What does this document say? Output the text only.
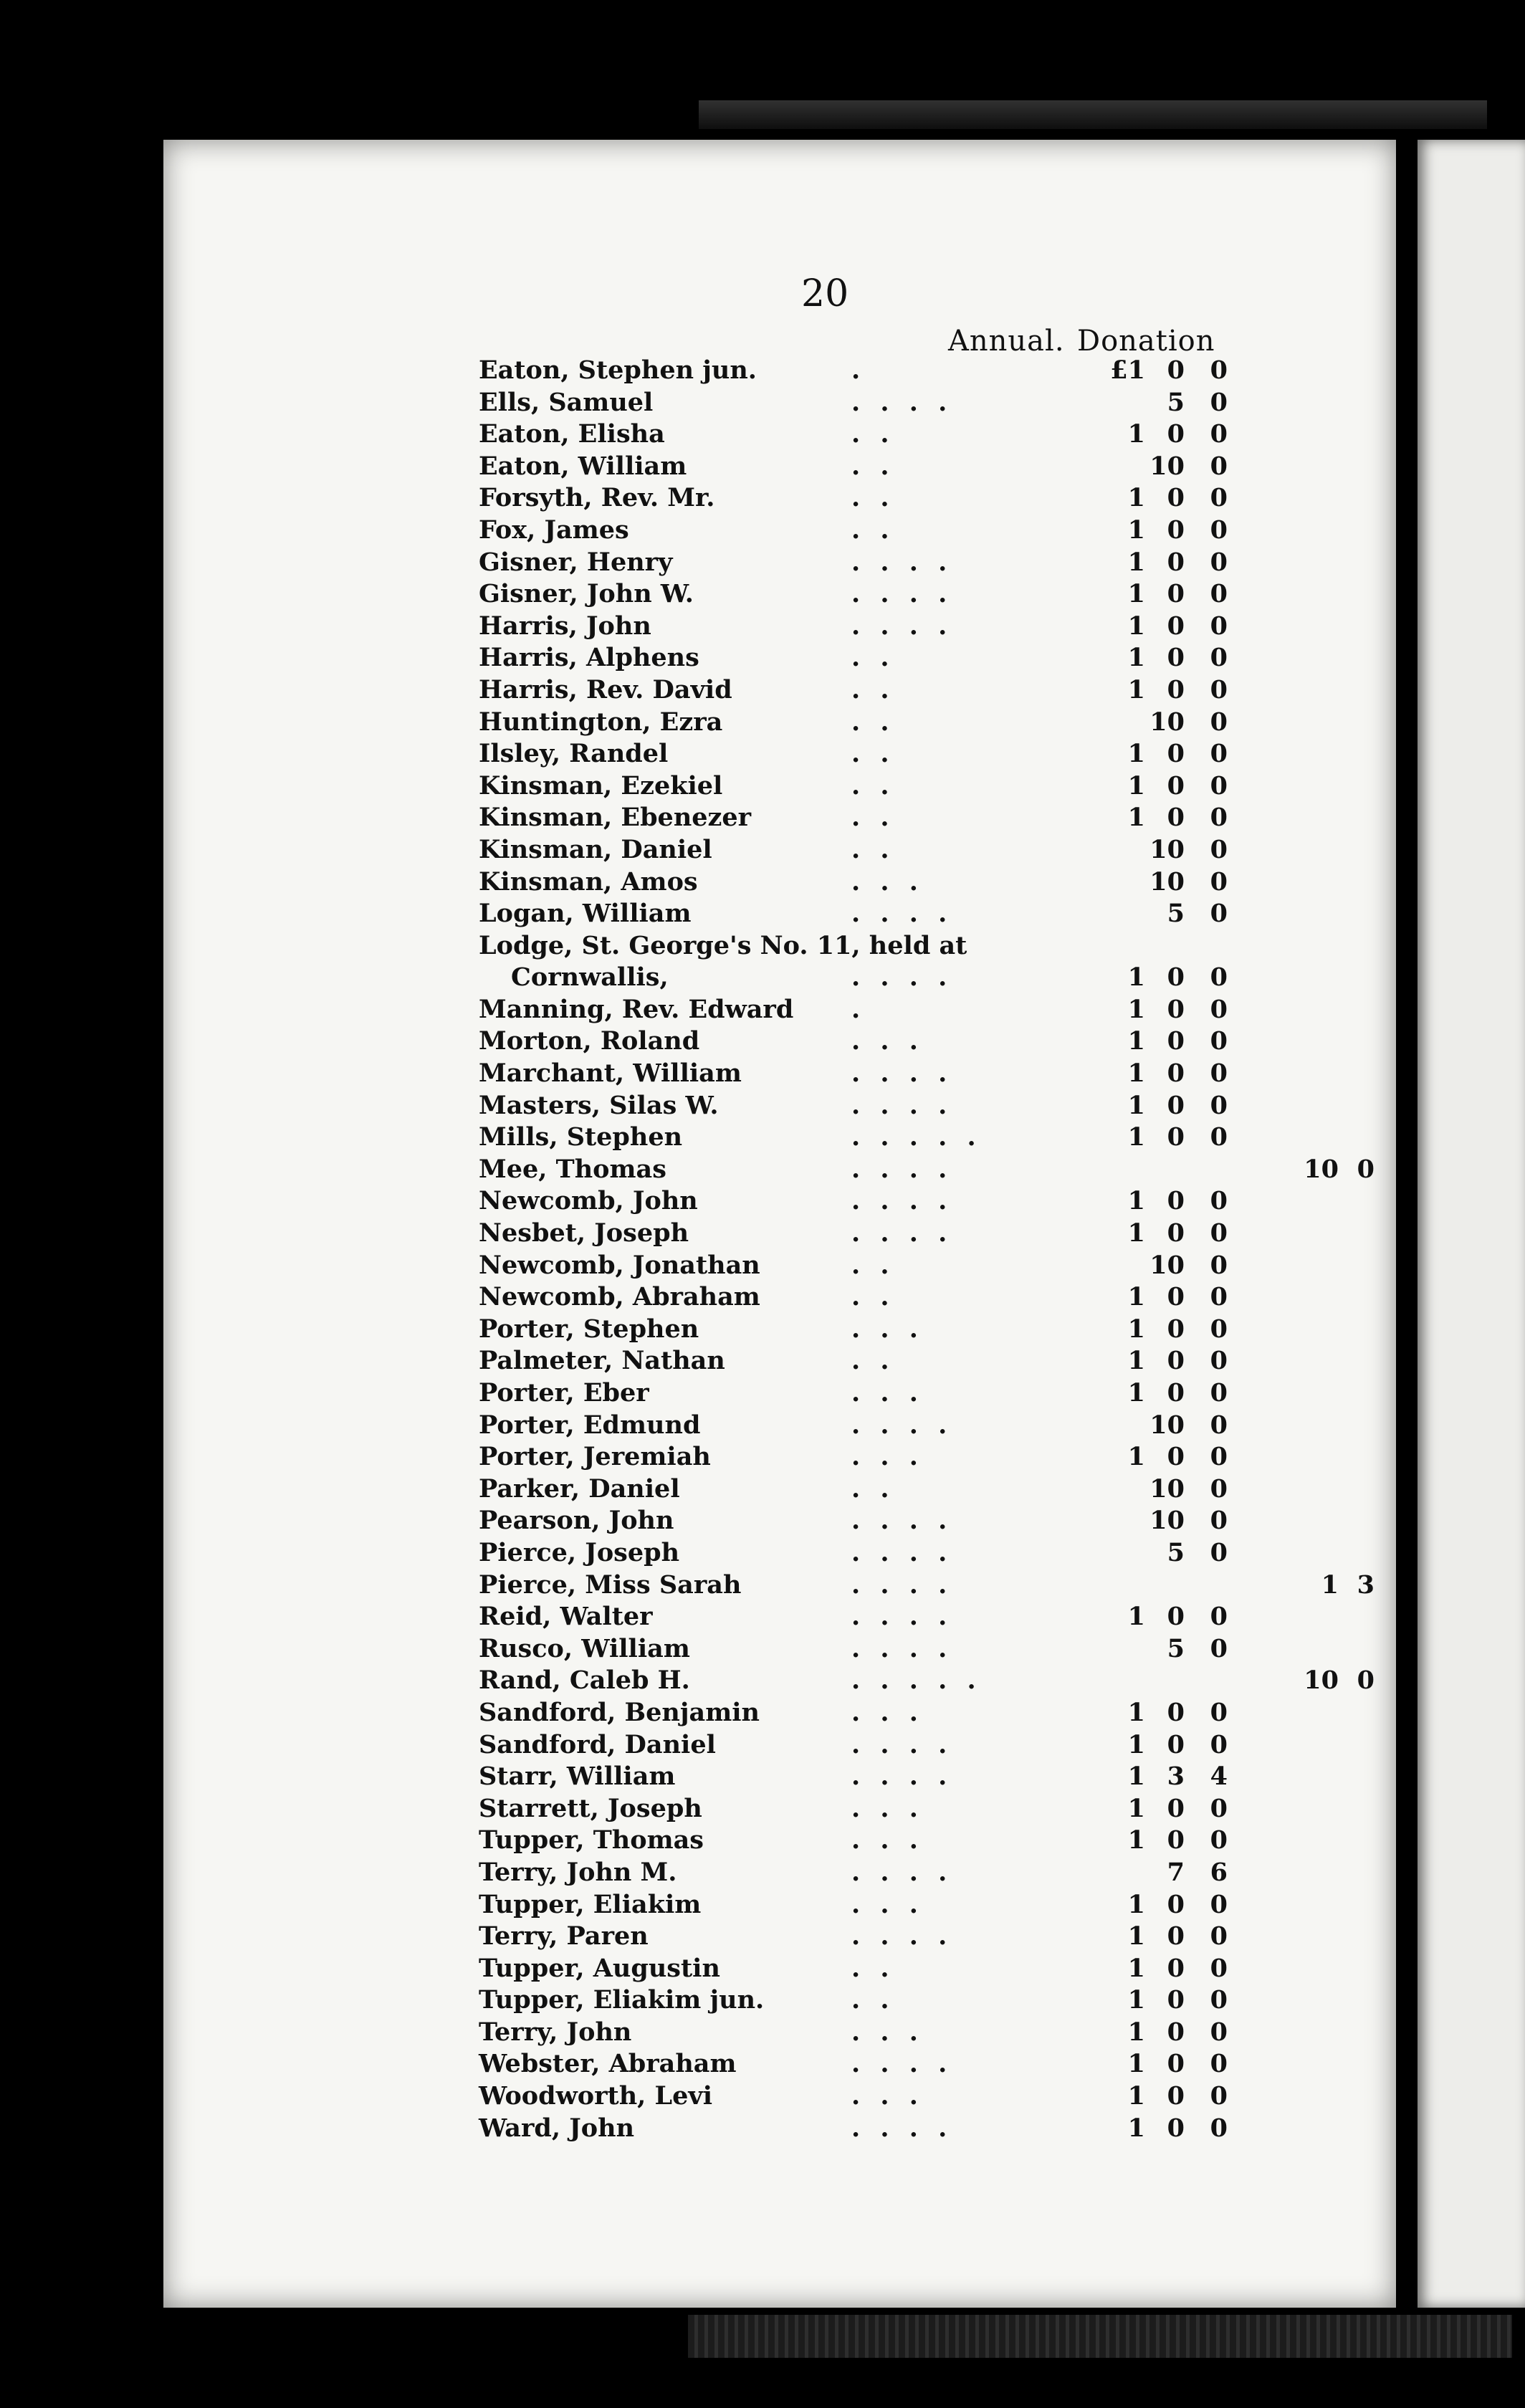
20
Annual. Donation
Eaton, Stephen jun.	.	£1 0	0
Ells, Samuel	. . . .	5	0
Eaton, Elisha	. .	1 0	0
Eaton, William	. .	10	0
Forsyth, Rev. Mr.	. .	1 0	0
Fox, James	. .	1 0	0
Gisner, Henry	. . . .	1 0	0
Gisner, John W.	. . . .	1 0	0
Harris, John	. . . .	1 0	0
Harris, Alphens	. .	1 0	0
Harris, Rev. David	. .	1 0	0
Huntington, Ezra	. .	10	0
Ilsley, Randel	. .	1 0	0
Kinsman, Ezekiel	. .	1 0	0
Kinsman, Ebenezer	. .	1 0	0
Kinsman, Daniel	. .	10	0
Kinsman, Amos	. . .	10	0
Logan, William	. . . .	5	0
Lodge, St. George's No. 11, held at
Cornwallis,	. . . .	1 0	0
Manning, Rev. Edward .	1 0	0
Morton, Roland	. . .	1 0	0
Marchant, William	. . . .	1 0	0
Masters, Silas W.	. . . .	1 0	0
Mills, Stephen	. . . . .	1 0	0
Mee, Thomas	. . . .	10 0
Newcomb, John	. . . .	1 0	0
Nesbet, Joseph	. . . .	1 0	0
Newcomb, Jonathan	. .	10	0
Newcomb, Abraham	. .	1 0	0
Porter, Stephen	. . .	1 0	0
Palmeter, Nathan	. .	1 0	0
Porter, Eber	. . .	1 0	0
Porter, Edmund	. . . .	10	0
Porter, Jeremiah	. . .	1 0	0
Parker, Daniel	. .	10	0
Pearson, John	. . . .	10	0
Pierce, Joseph	. . . .	5	0
Pierce, Miss Sarah	. . . .	1 3
Reid, Walter	. . . .	1 0	0
Rusco, William	. . . .	5	0
Rand, Caleb H.	. . . . .	10 0
Sandford, Benjamin	. . .	1 0	0
Sandford, Daniel	. . . .	1 0	0
Starr, William	. . . .	1 3	4
Starrett, Joseph	. . .	1 0	0
Tupper, Thomas	. . .	1 0	0
Terry, John M.	. . . .	7	6
Tupper, Eliakim	. . .	1 0	0
Terry, Paren	. . . .	1 0	0
Tupper, Augustin	. .	1 0	0
Tupper, Eliakim jun.	. .	1 0	0
Terry, John	. . .	1 0	0
Webster, Abraham	. . . .	1 0	0
Woodworth, Levi	. . .	1 0	0
Ward, John	. . . .	1 0	0
